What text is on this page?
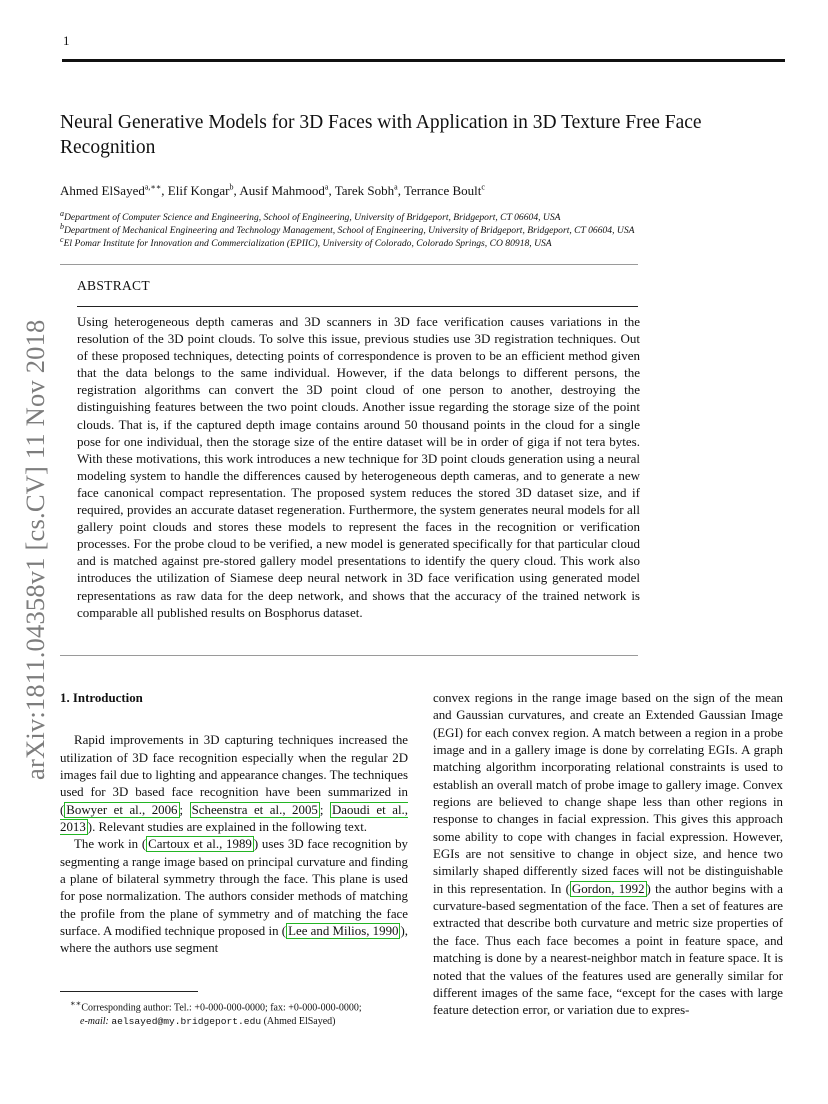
1
Neural Generative Models for 3D Faces with Application in 3D Texture Free Face Recognition
Ahmed ElSayed$^{a,∗∗}$, Elif Kongar$^b$, Ausif Mahmood$^a$, Tarek Sobh$^a$, Terrance Boult$^c$
$^a$Department of Computer Science and Engineering, School of Engineering, University of Bridgeport, Bridgeport, CT 06604, USA
$^b$Department of Mechanical Engineering and Technology Management, School of Engineering, University of Bridgeport, Bridgeport, CT 06604, USA
$^c$El Pomar Institute for Innovation and Commercialization (EPIIC), University of Colorado, Colorado Springs, CO 80918, USA
ABSTRACT
Using heterogeneous depth cameras and 3D scanners in 3D face verification causes variations in the resolution of the 3D point clouds. To solve this issue, previous studies use 3D registration techniques. Out of these proposed techniques, detecting points of correspondence is proven to be an efficient method given that the data belongs to the same individual. However, if the data belongs to different persons, the registration algorithms can convert the 3D point cloud of one person to another, destroying the distinguishing features between the two point clouds. Another issue regarding the storage size of the point clouds. That is, if the captured depth image contains around 50 thousand points in the cloud for a single pose for one individual, then the storage size of the entire dataset will be in order of giga if not tera bytes. With these motivations, this work introduces a new technique for 3D point clouds generation using a neural modeling system to handle the differences caused by heterogeneous depth cameras, and to generate a new face canonical compact representation. The proposed system reduces the stored 3D dataset size, and if required, provides an accurate dataset regeneration. Furthermore, the system generates neural models for all gallery point clouds and stores these models to represent the faces in the recognition or verification processes. For the probe cloud to be verified, a new model is generated specifically for that particular cloud and is matched against pre-stored gallery model presentations to identify the query cloud. This work also introduces the utilization of Siamese deep neural network in 3D face verification using generated model representations as raw data for the deep network, and shows that the accuracy of the trained network is comparable all published results on Bosphorus dataset.
arXiv:1811.04358v1 [cs.CV] 11 Nov 2018 1. Introduction

Rapid improvements in 3D capturing techniques increased the utilization of 3D face recognition especially when the regular 2D images fail due to lighting and appearance changes. The techniques used for 3D based face recognition have been summarized in ( Bowyer et al., 2006 ; Scheenstra et al., 2005 ; Daoudi et al., 2013 ). Relevant studies are explained in the following text.

The work in ( Cartoux et al., 1989 ) uses 3D face recognition by segmenting a range image based on principal curvature and finding a plane of bilateral symmetry through the face. This plane is used for pose normalization. The authors consider methods of matching the profile from the plane of symmetry and of matching the face surface. A modified technique proposed in ( Lee and Milios, 1990 ), where the authors use segment

convex regions in the range image based on the sign of the mean and Gaussian curvatures, and create an Extended Gaussian Image (EGI) for each convex region. A match between a region in a probe image and in a gallery image is done by correlating EGIs. A graph matching algorithm incorporating relational constraints is used to establish an overall match of probe image to gallery image. Convex regions are believed to change shape less than other regions in response to changes in facial expression. This gives this approach some ability to cope with changes in facial expression. However, EGIs are not sensitive to change in object size, and hence two similarly shaped differently sized faces will not be distinguishable in this representation. In ( Gordon, 1992 ) the author begins with a curvature-based segmentation of the face. Then a set of features are extracted that describe both curvature and metric size properties of the face. Thus each face becomes a point in feature space, and matching is done by a nearest-neighbor match in feature space. It is noted that the values of the features used are generally similar for different images of the same face, “except for the cases with large feature detection error, or variation due to expres-

∗∗Corresponding author: Tel.: +0-000-000-0000; fax: +0-000-000-0000;
e-mail: aelsayed@my.bridgeport.edu (Ahmed ElSayed)
